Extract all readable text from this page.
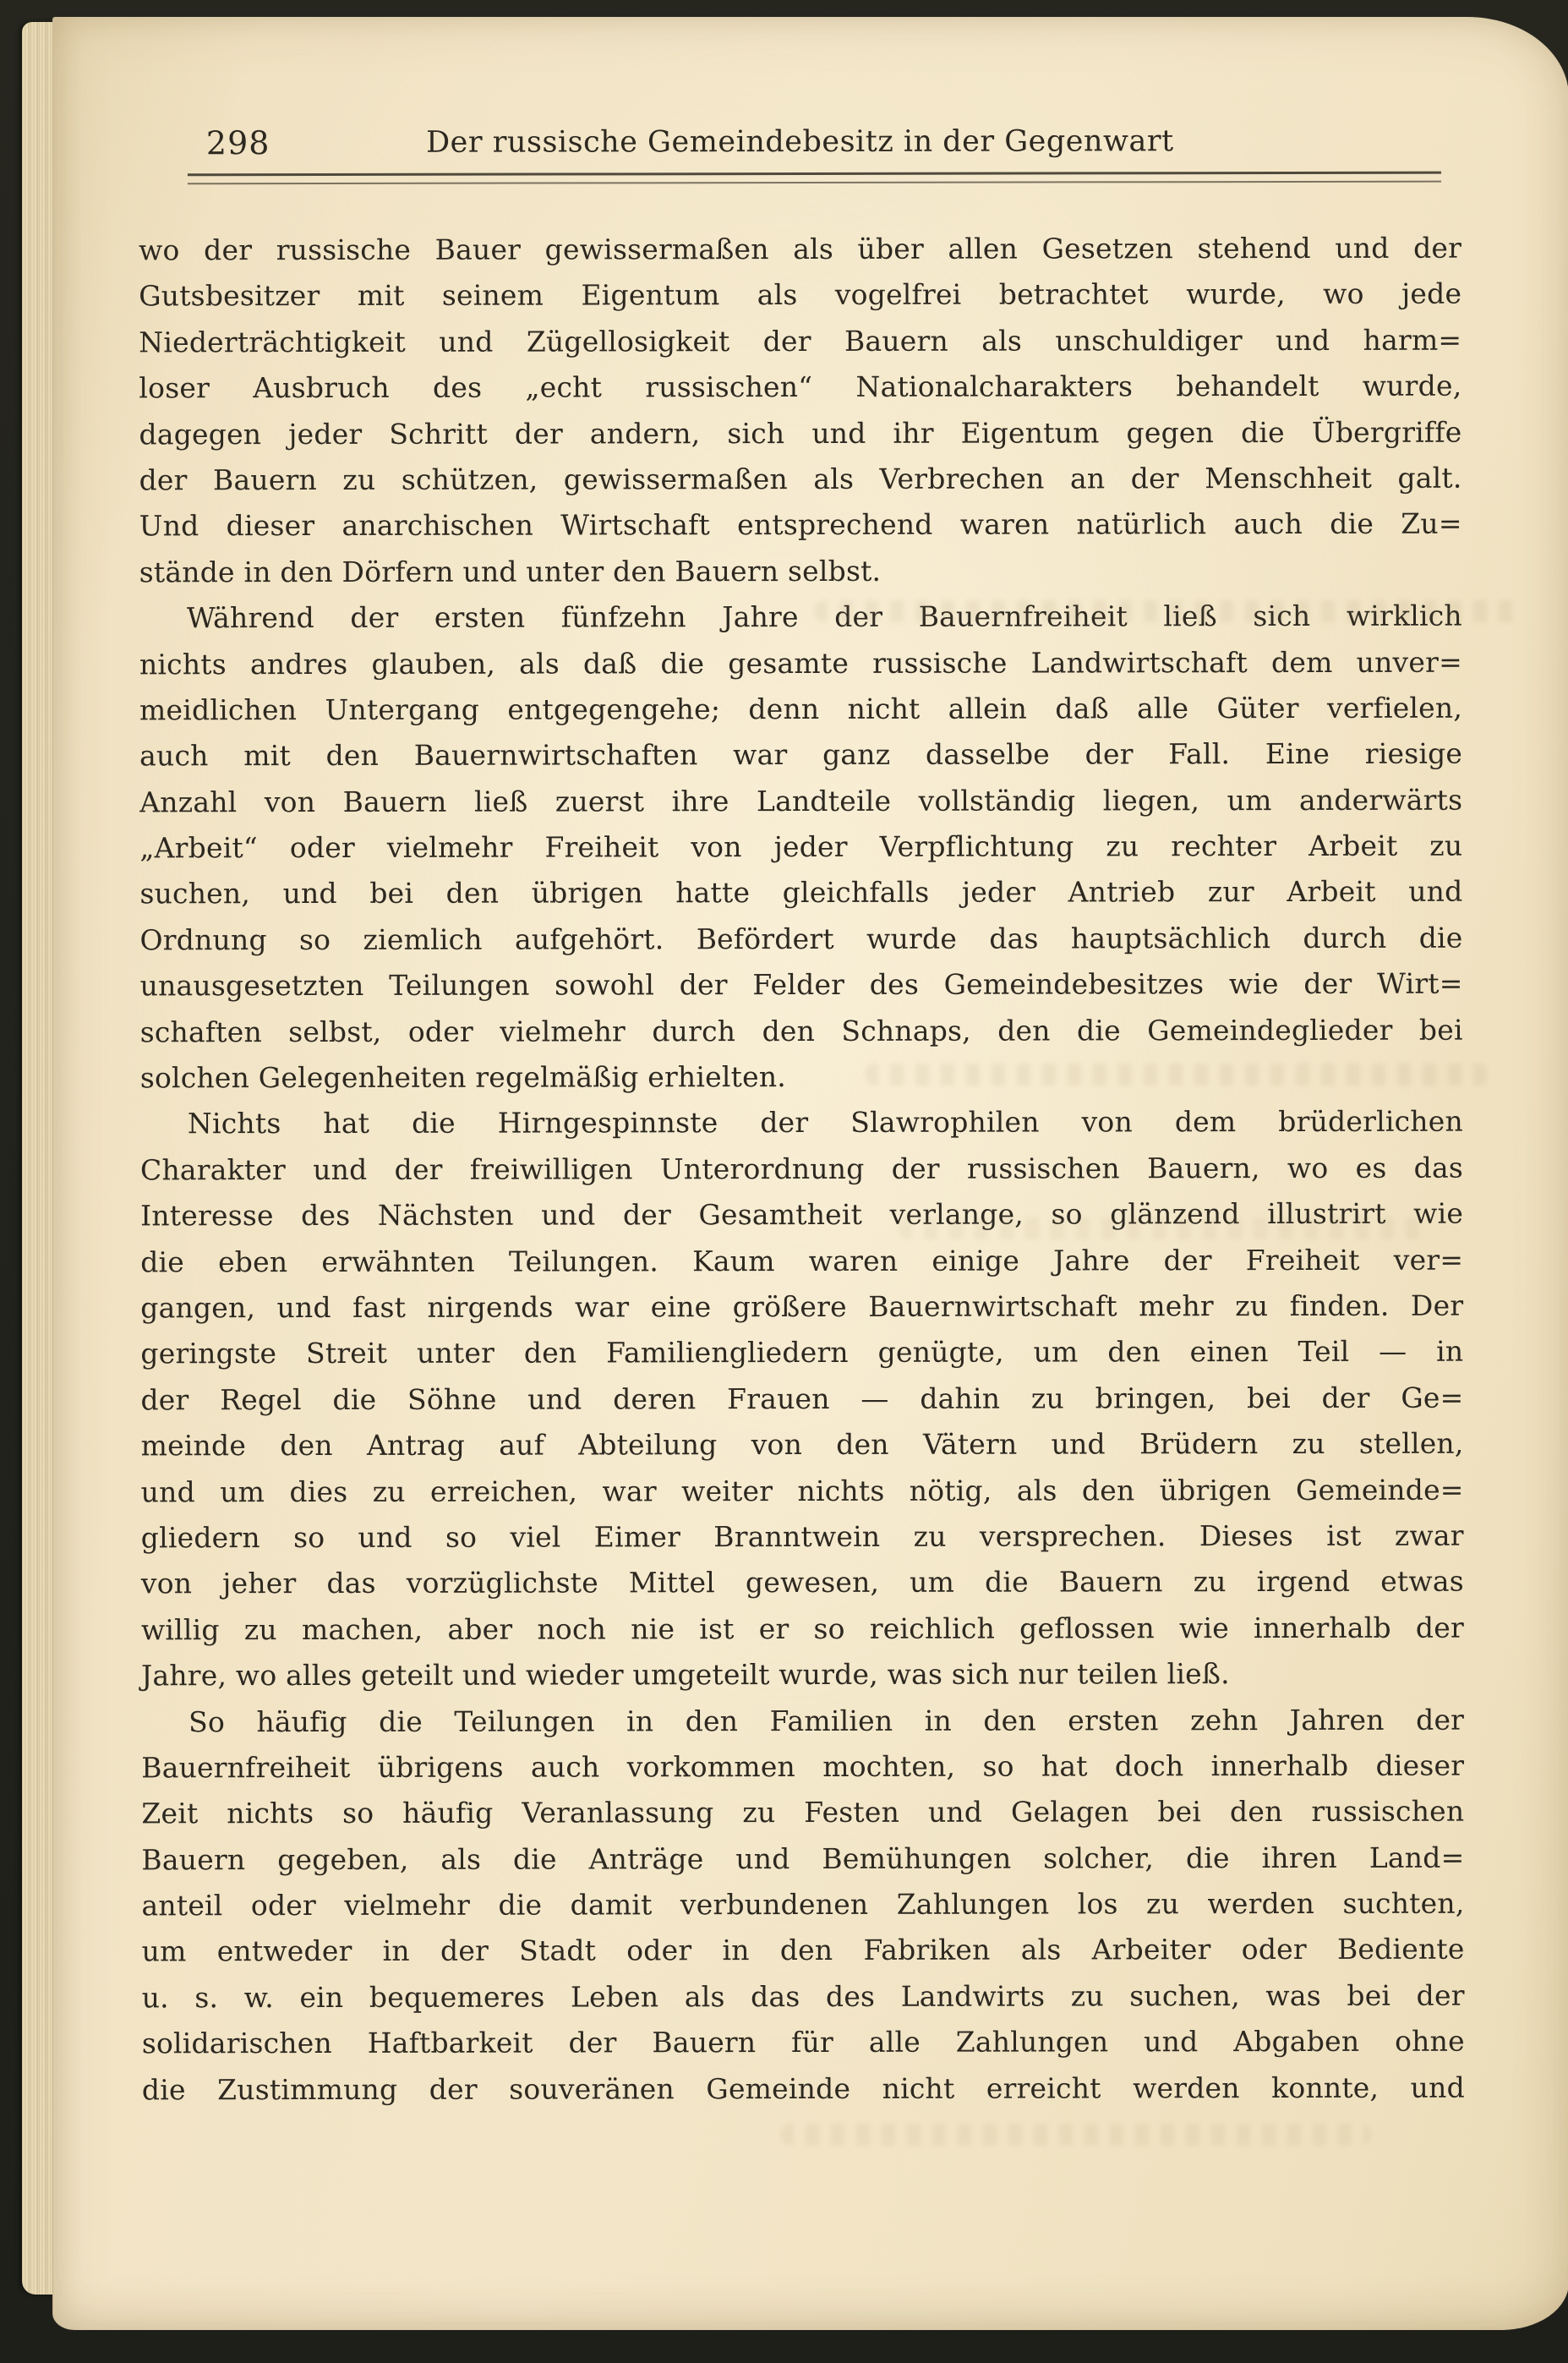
298	Der russische Gemeindebesitz in der Gegenwart
wo der russische Bauer gewissermaßen als über allen Gesetzen stehend und der
Gutsbesitzer mit seinem Eigentum als vogelfrei betrachtet wurde, wo jede
Niederträchtigkeit und Zügellosigkeit der Bauern als unschuldiger und harm=
loser Ausbruch des „echt russischen“ Nationalcharakters behandelt wurde,
dagegen jeder Schritt der andern, sich und ihr Eigentum gegen die Übergriffe
der Bauern zu schützen, gewissermaßen als Verbrechen an der Menschheit galt.
Und dieser anarchischen Wirtschaft entsprechend waren natürlich auch die Zu=
stände in den Dörfern und unter den Bauern selbst.
Während der ersten fünfzehn Jahre der Bauernfreiheit ließ sich wirklich
nichts andres glauben, als daß die gesamte russische Landwirtschaft dem unver=
meidlichen Untergang entgegengehe; denn nicht allein daß alle Güter verfielen,
auch mit den Bauernwirtschaften war ganz dasselbe der Fall. Eine riesige
Anzahl von Bauern ließ zuerst ihre Landteile vollständig liegen, um anderwärts
„Arbeit“ oder vielmehr Freiheit von jeder Verpflichtung zu rechter Arbeit zu
suchen, und bei den übrigen hatte gleichfalls jeder Antrieb zur Arbeit und
Ordnung so ziemlich aufgehört. Befördert wurde das hauptsächlich durch die
unausgesetzten Teilungen sowohl der Felder des Gemeindebesitzes wie der Wirt=
schaften selbst, oder vielmehr durch den Schnaps, den die Gemeindeglieder bei
solchen Gelegenheiten regelmäßig erhielten.
Nichts hat die Hirngespinnste der Slawrophilen von dem brüderlichen
Charakter und der freiwilligen Unterordnung der russischen Bauern, wo es das
Interesse des Nächsten und der Gesamtheit verlange, so glänzend illustrirt wie
die eben erwähnten Teilungen. Kaum waren einige Jahre der Freiheit ver=
gangen, und fast nirgends war eine größere Bauernwirtschaft mehr zu finden. Der
geringste Streit unter den Familiengliedern genügte, um den einen Teil — in
der Regel die Söhne und deren Frauen — dahin zu bringen, bei der Ge=
meinde den Antrag auf Abteilung von den Vätern und Brüdern zu stellen,
und um dies zu erreichen, war weiter nichts nötig, als den übrigen Gemeinde=
gliedern so und so viel Eimer Branntwein zu versprechen. Dieses ist zwar
von jeher das vorzüglichste Mittel gewesen, um die Bauern zu irgend etwas
willig zu machen, aber noch nie ist er so reichlich geflossen wie innerhalb der
Jahre, wo alles geteilt und wieder umgeteilt wurde, was sich nur teilen ließ.
So häufig die Teilungen in den Familien in den ersten zehn Jahren der
Bauernfreiheit übrigens auch vorkommen mochten, so hat doch innerhalb dieser
Zeit nichts so häufig Veranlassung zu Festen und Gelagen bei den russischen
Bauern gegeben, als die Anträge und Bemühungen solcher, die ihren Land=
anteil oder vielmehr die damit verbundenen Zahlungen los zu werden suchten,
um entweder in der Stadt oder in den Fabriken als Arbeiter oder Bediente
u. s. w. ein bequemeres Leben als das des Landwirts zu suchen, was bei der
solidarischen Haftbarkeit der Bauern für alle Zahlungen und Abgaben ohne
die Zustimmung der souveränen Gemeinde nicht erreicht werden konnte, und
